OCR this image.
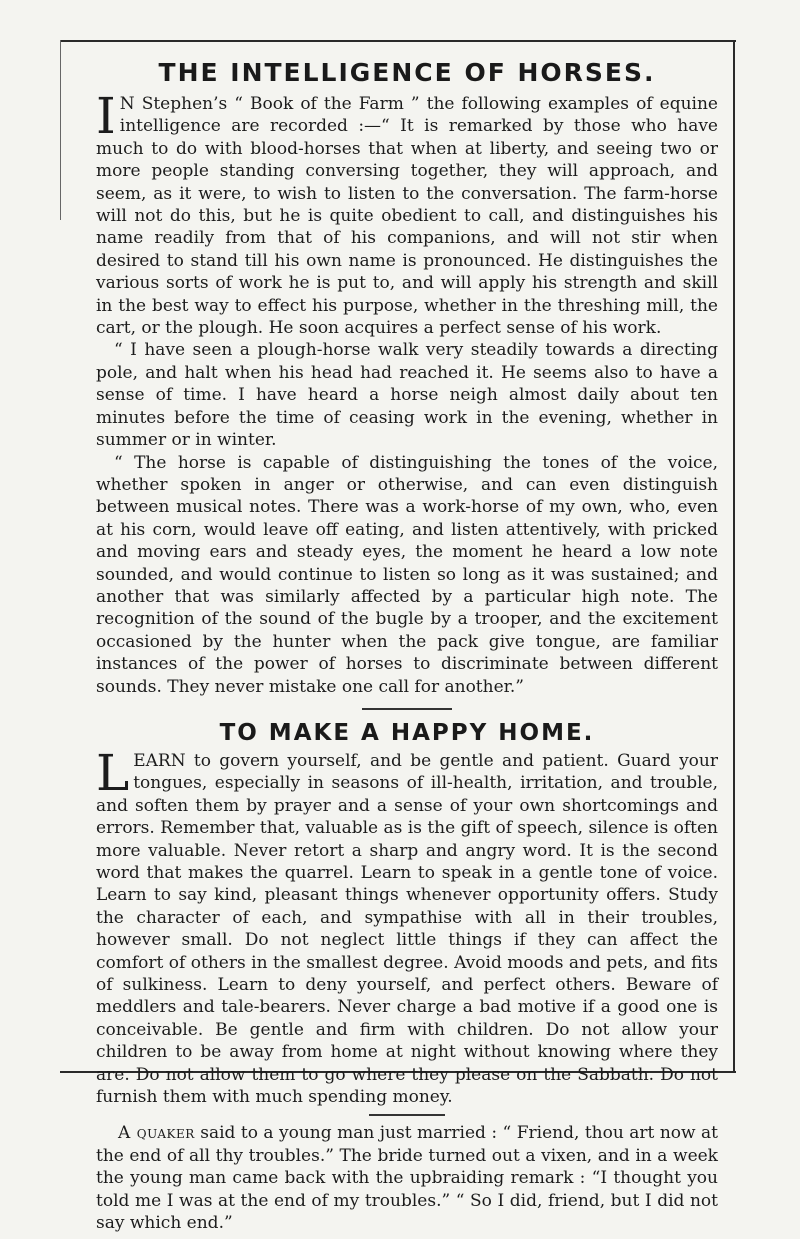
THE INTELLIGENCE OF HORSES.

I N Stephen’s “ Book of the Farm ” the following examples of equine intelligence are recorded :—“ It is remarked by those who have much to do with blood-horses that when at liberty, and seeing two or more people standing conversing together, they will approach, and seem, as it were, to wish to listen to the conversation. The farm-horse will not do this, but he is quite obedient to call, and distinguishes his name readily from that of his companions, and will not stir when desired to stand till his own name is pronounced. He distinguishes the various sorts of work he is put to, and will apply his strength and skill in the best way to effect his purpose, whether in the threshing mill, the cart, or the plough. He soon acquires a perfect sense of his work.

“ I have seen a plough-horse walk very steadily towards a directing pole, and halt when his head had reached it. He seems also to have a sense of time. I have heard a horse neigh almost daily about ten minutes before the time of ceasing work in the evening, whether in summer or in winter.

“ The horse is capable of distinguishing the tones of the voice, whether spoken in anger or otherwise, and can even distinguish between musical notes. There was a work-horse of my own, who, even at his corn, would leave off eating, and listen attentively, with pricked and moving ears and steady eyes, the moment he heard a low note sounded, and would continue to listen so long as it was sustained; and another that was similarly affected by a particular high note. The recognition of the sound of the bugle by a trooper, and the excitement occasioned by the hunter when the pack give tongue, are familiar instances of the power of horses to discriminate between different sounds. They never mistake one call for another.”

TO MAKE A HAPPY HOME.

LEARN to govern yourself, and be gentle and patient. Guard your tongues, especially in seasons of ill-health, irritation, and trouble, and soften them by prayer and a sense of your own shortcomings and errors. Remember that, valuable as is the gift of speech, silence is often more valuable. Never retort a sharp and angry word. It is the second word that makes the quarrel. Learn to speak in a gentle tone of voice. Learn to say kind, pleasant things whenever opportunity offers. Study the character of each, and sympathise with all in their troubles, however small. Do not neglect little things if they can affect the comfort of others in the smallest degree. Avoid moods and pets, and fits of sulkiness. Learn to deny yourself, and perfect others. Beware of meddlers and tale-bearers. Never charge a bad motive if a good one is conceivable. Be gentle and firm with children. Do not allow your children to be away from home at night without knowing where they are. Do not allow them to go where they please on the Sabbath. Do not furnish them with much spending money.

A quaker said to a young man just married : “ Friend, thou art now at the end of all thy troubles.” The bride turned out a vixen, and in a week the young man came back with the upbraiding remark : “I thought you told me I was at the end of my troubles.” “ So I did, friend, but I did not say which end.”
